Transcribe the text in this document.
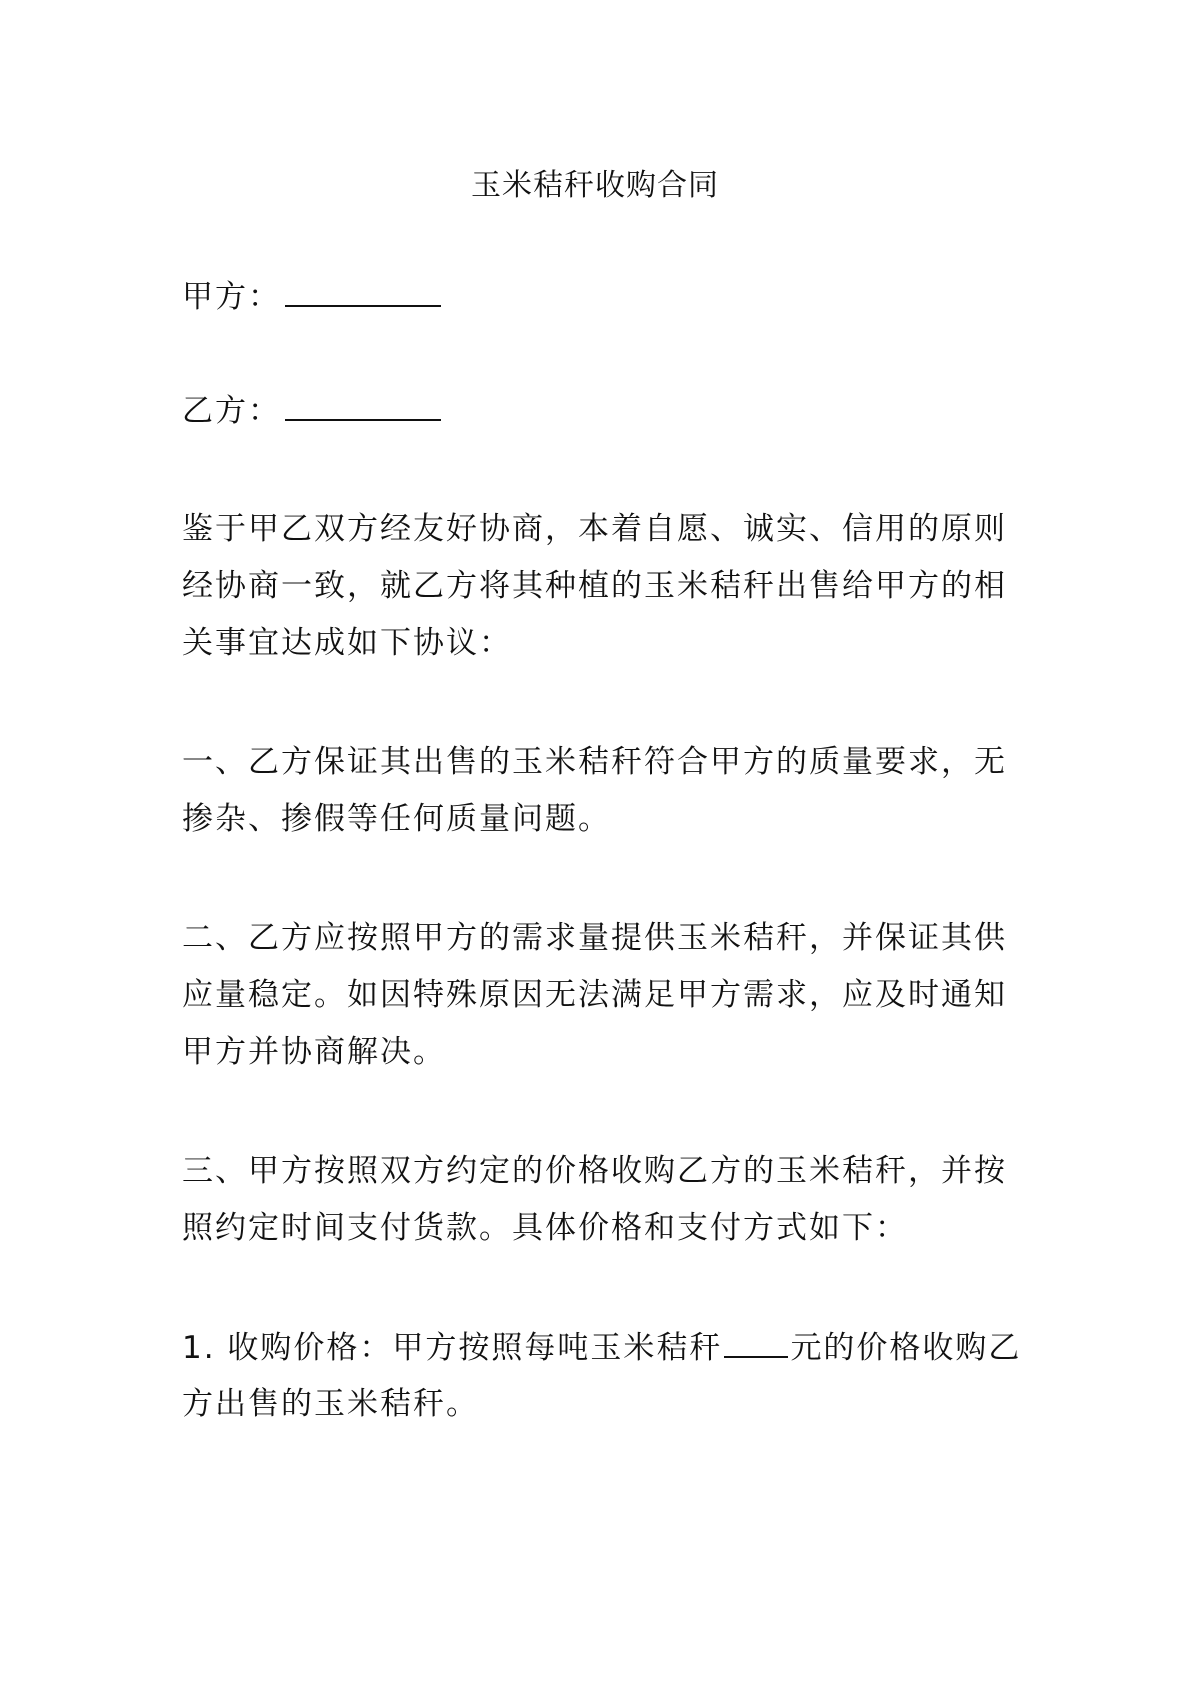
玉米秸秆收购合同
甲方：
乙方：
鉴于甲乙双方经友好协商，本着自愿、诚实、信用的原则
经协商一致，就乙方将其种植的玉米秸秆出售给甲方的相
关事宜达成如下协议：
一、乙方保证其出售的玉米秸秆符合甲方的质量要求，无
掺杂、掺假等任何质量问题。
二、乙方应按照甲方的需求量提供玉米秸秆，并保证其供
应量稳定。如因特殊原因无法满足甲方需求，应及时通知
甲方并协商解决。
三、甲方按照双方约定的价格收购乙方的玉米秸秆，并按
照约定时间支付货款。具体价格和支付方式如下：
1. 收购价格：甲方按照每吨玉米秸秆 元的价格收购乙
方出售的玉米秸秆。
